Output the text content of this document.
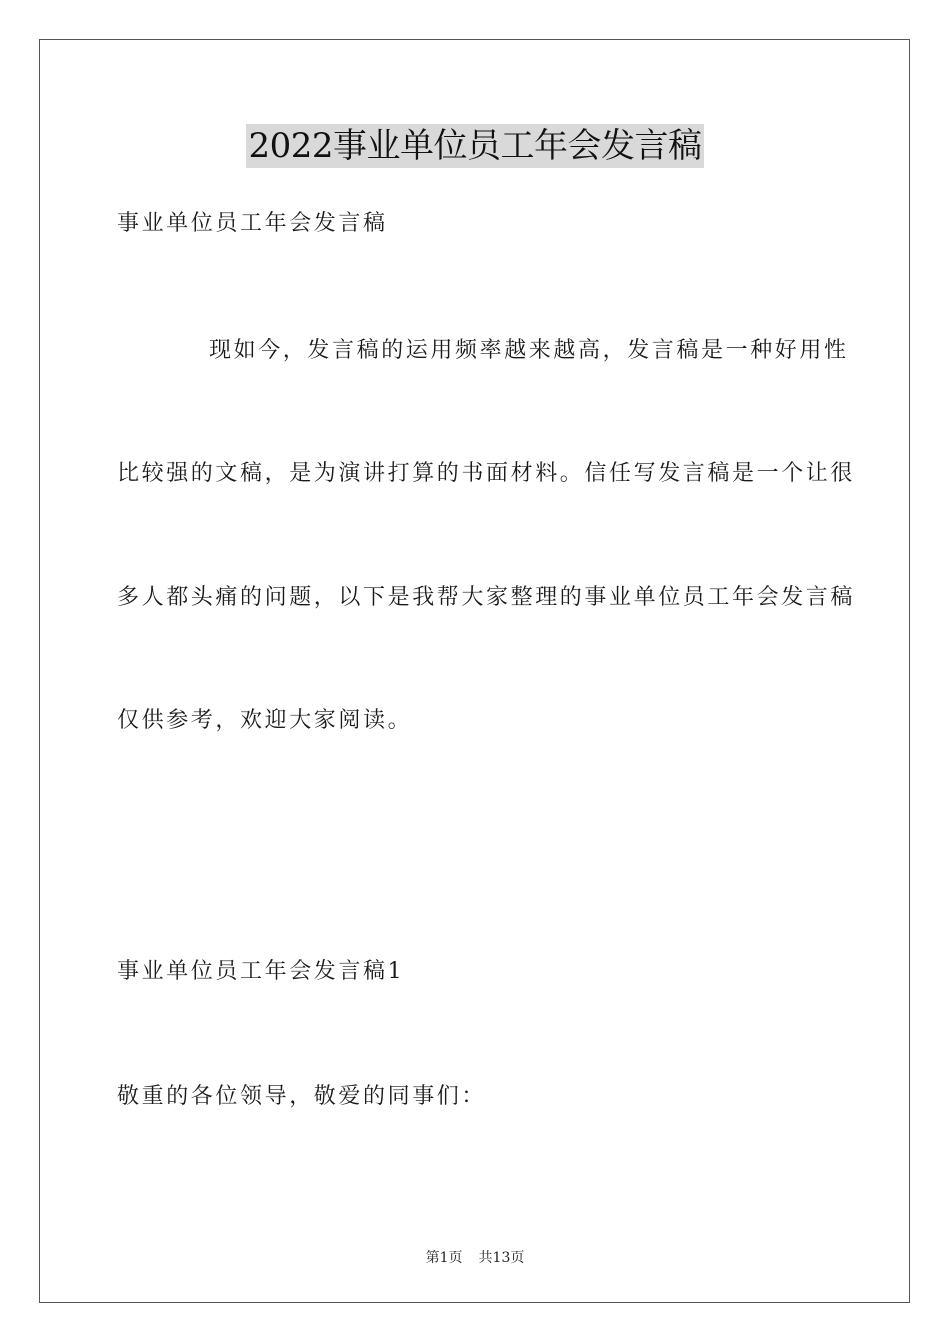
2022事业单位员工年会发言稿
事业单位员工年会发言稿
现如今，发言稿的运用频率越来越高，发言稿是一种好用性
比较强的文稿，是为演讲打算的书面材料。信任写发言稿是一个让很
多人都头痛的问题，以下是我帮大家整理的事业单位员工年会发言稿
仅供参考，欢迎大家阅读。
事业单位员工年会发言稿1
敬重的各位领导，敬爱的同事们：
第1页 共13页
